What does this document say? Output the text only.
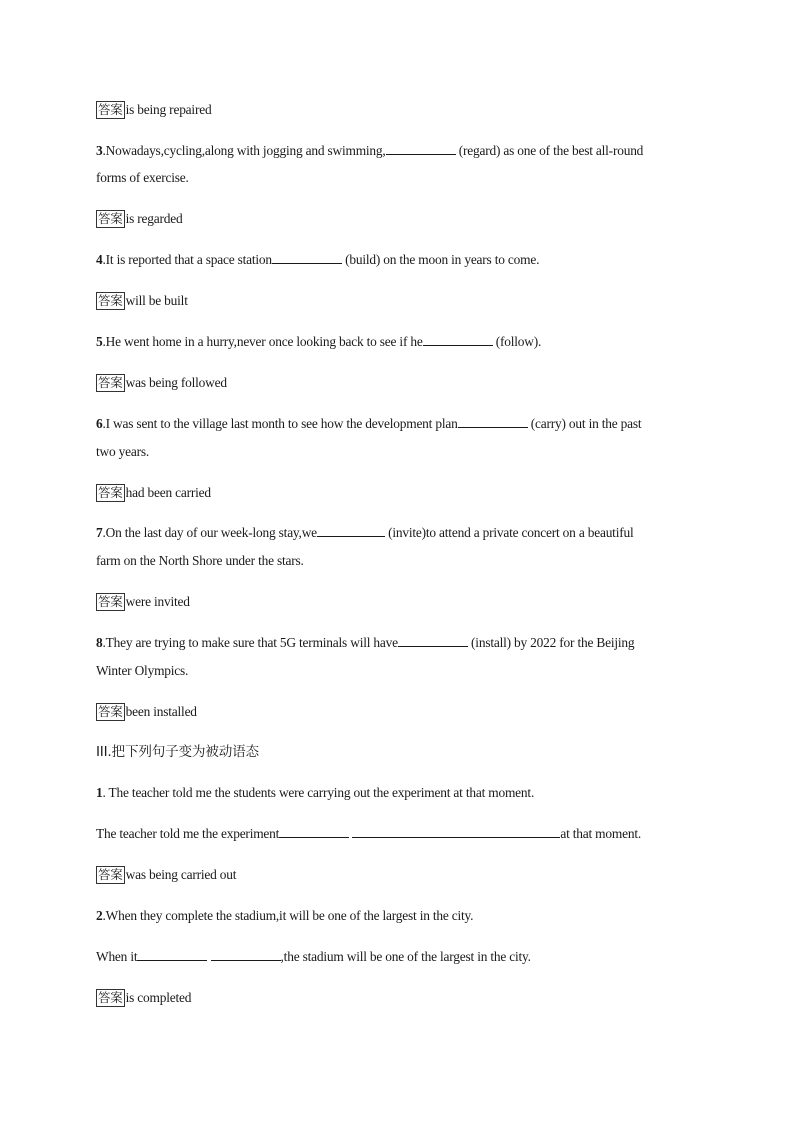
答案 is being repaired
3.Nowadays,cycling,along with jogging and swimming,	(regard) as one of the best all-round
forms of exercise.
答案 is regarded
4.It is reported that a space station	(build) on the moon in years to come.
答案 will be built
5.He went home in a hurry,never once looking back to see if he	(follow).
答案 was being followed
6.I was sent to the village last month to see how the development plan	(carry) out in the past
two years.
答案 had been carried
7.On the last day of our week-long stay,we	(invite)to attend a private concert on a beautiful
farm on the North Shore under the stars.
答案 were invited
8.They are trying to make sure that 5G terminals will have	(install) by 2022 for the Beijing
Winter Olympics.
答案 been installed
III.把下列句子变为被动语态
1. The teacher told me the students were carrying out the experiment at that moment.
The teacher told me the experiment	at that moment.
答案 was being carried out
2.When they complete the stadium,it will be one of the largest in the city.
When it	,the stadium will be one of the largest in the city.
答案 is completed
